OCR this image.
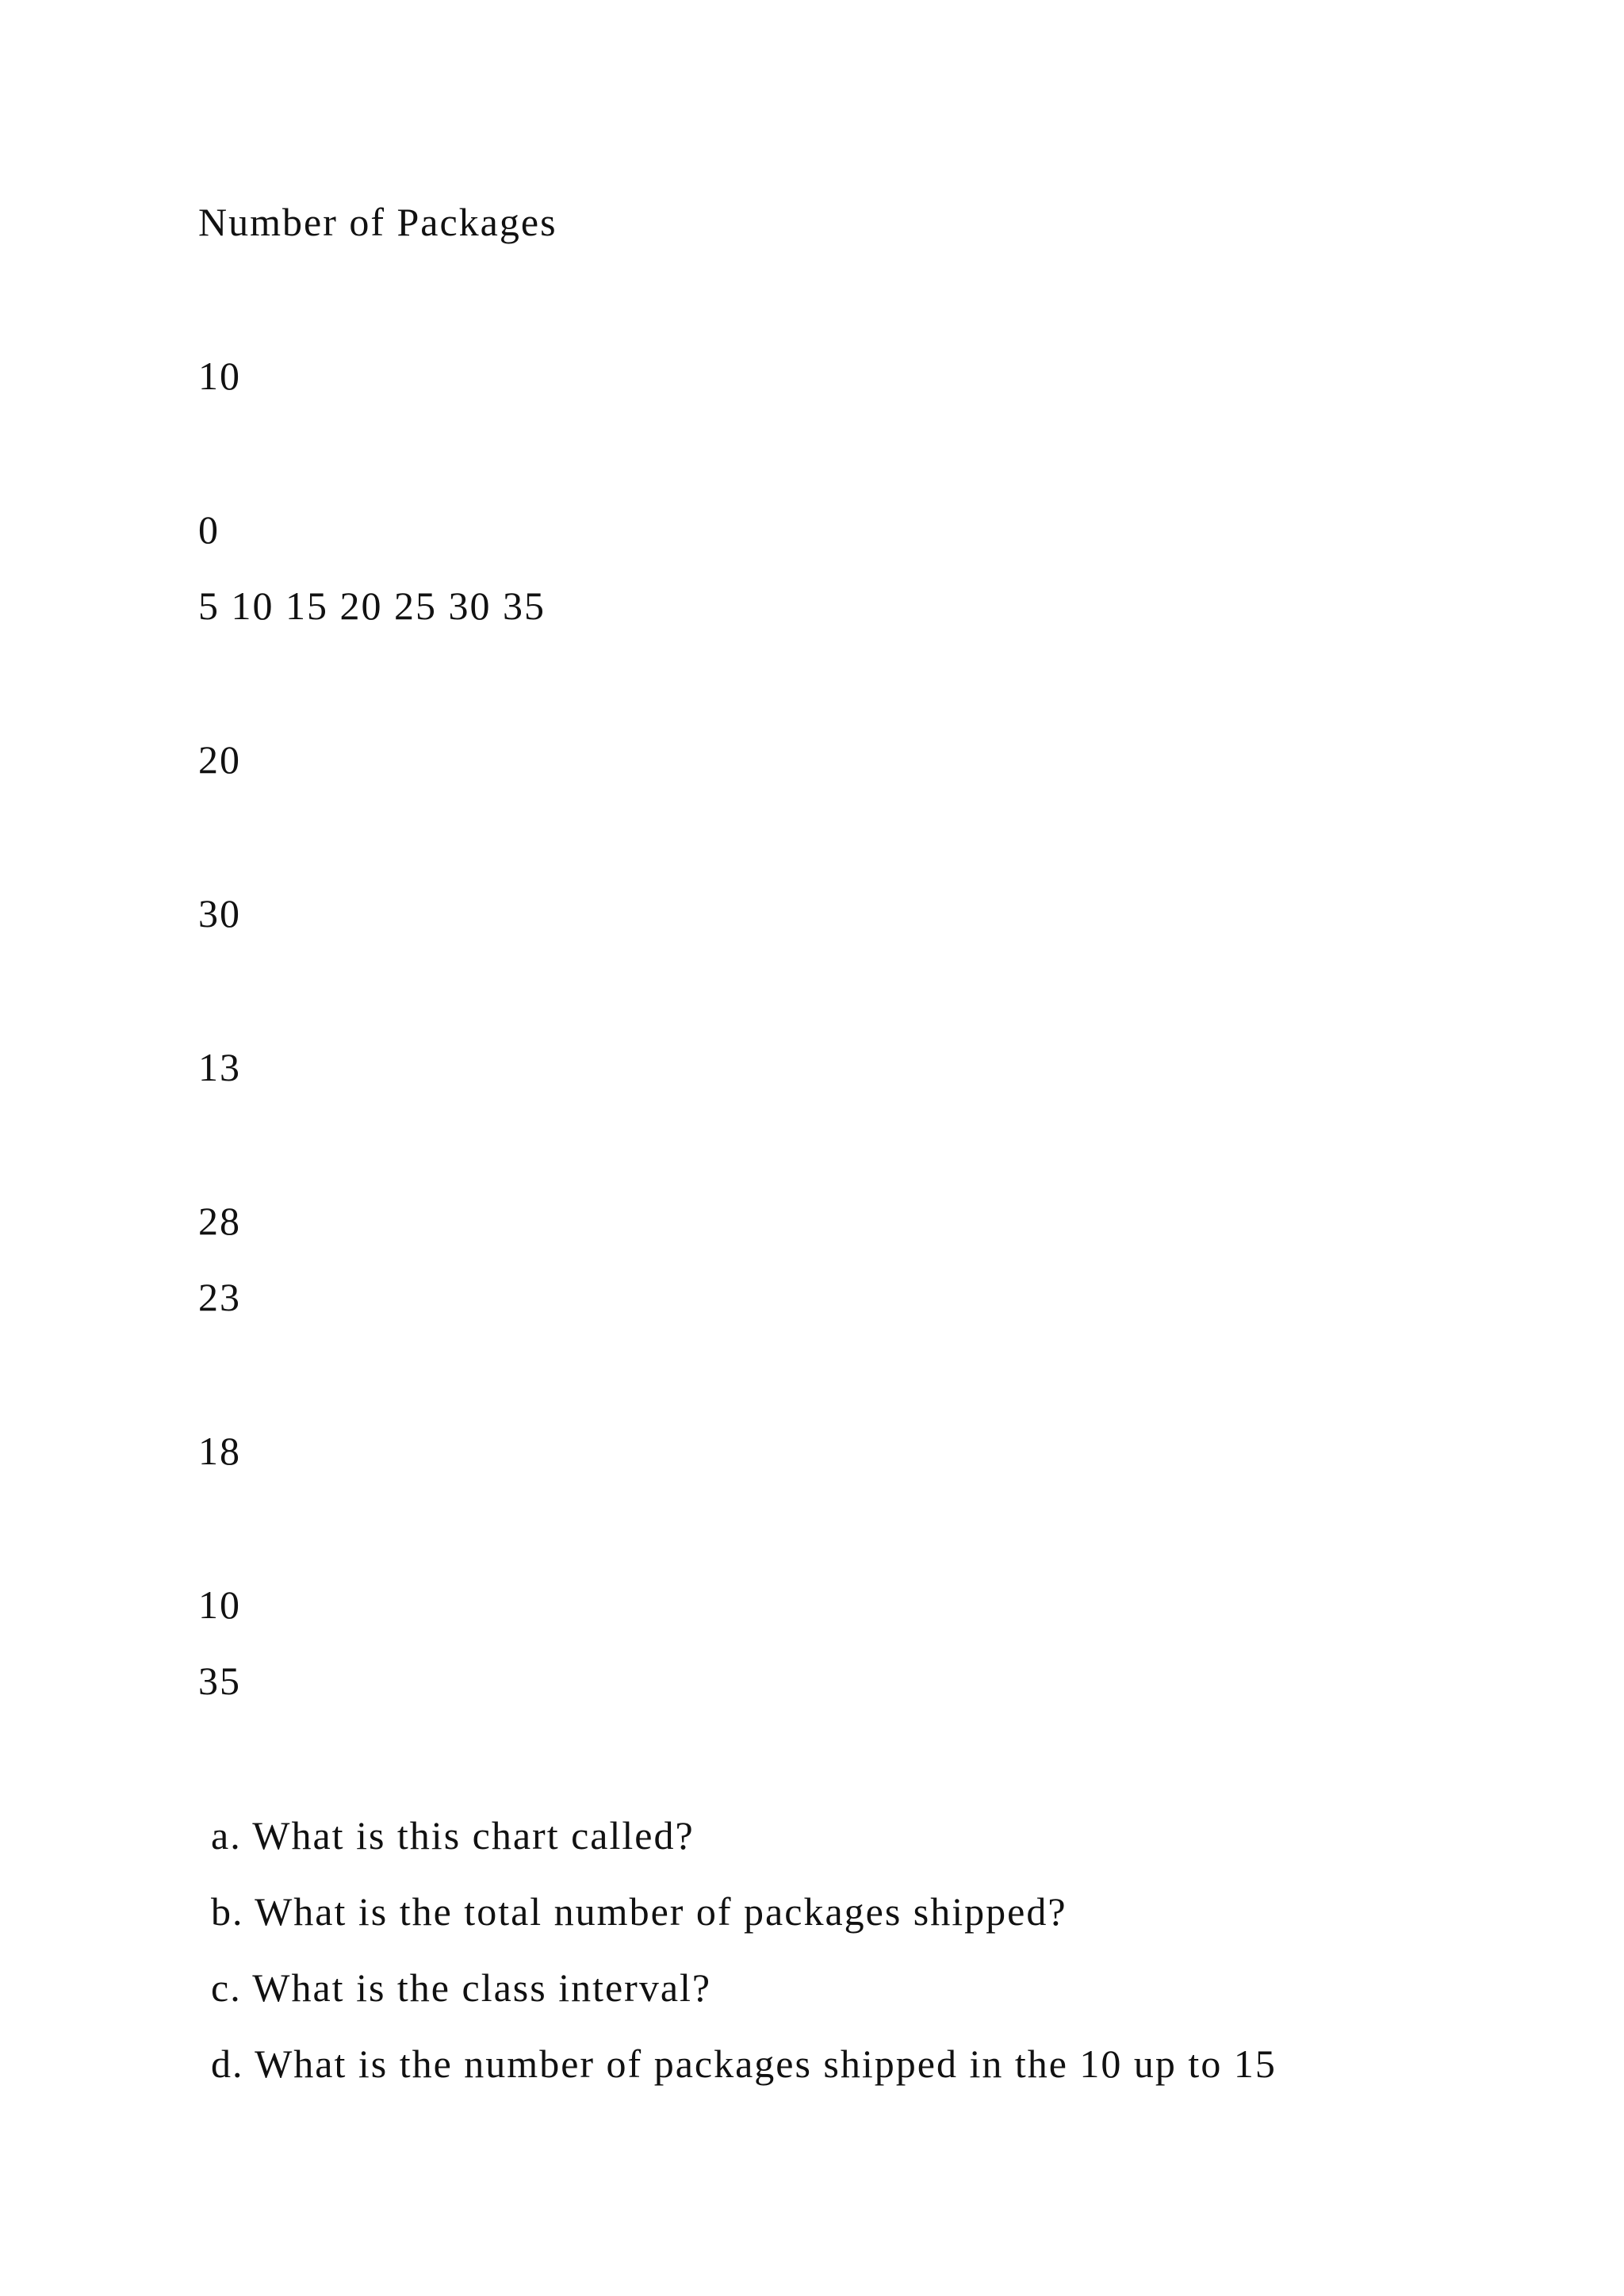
Number of Packages
10
0
5 10 15 20 25 30 35
20
30
13
28
23
18
10
35
a. What is this chart called?
b. What is the total number of packages shipped?
c. What is the class interval?
d. What is the number of packages shipped in the 10 up to 15
